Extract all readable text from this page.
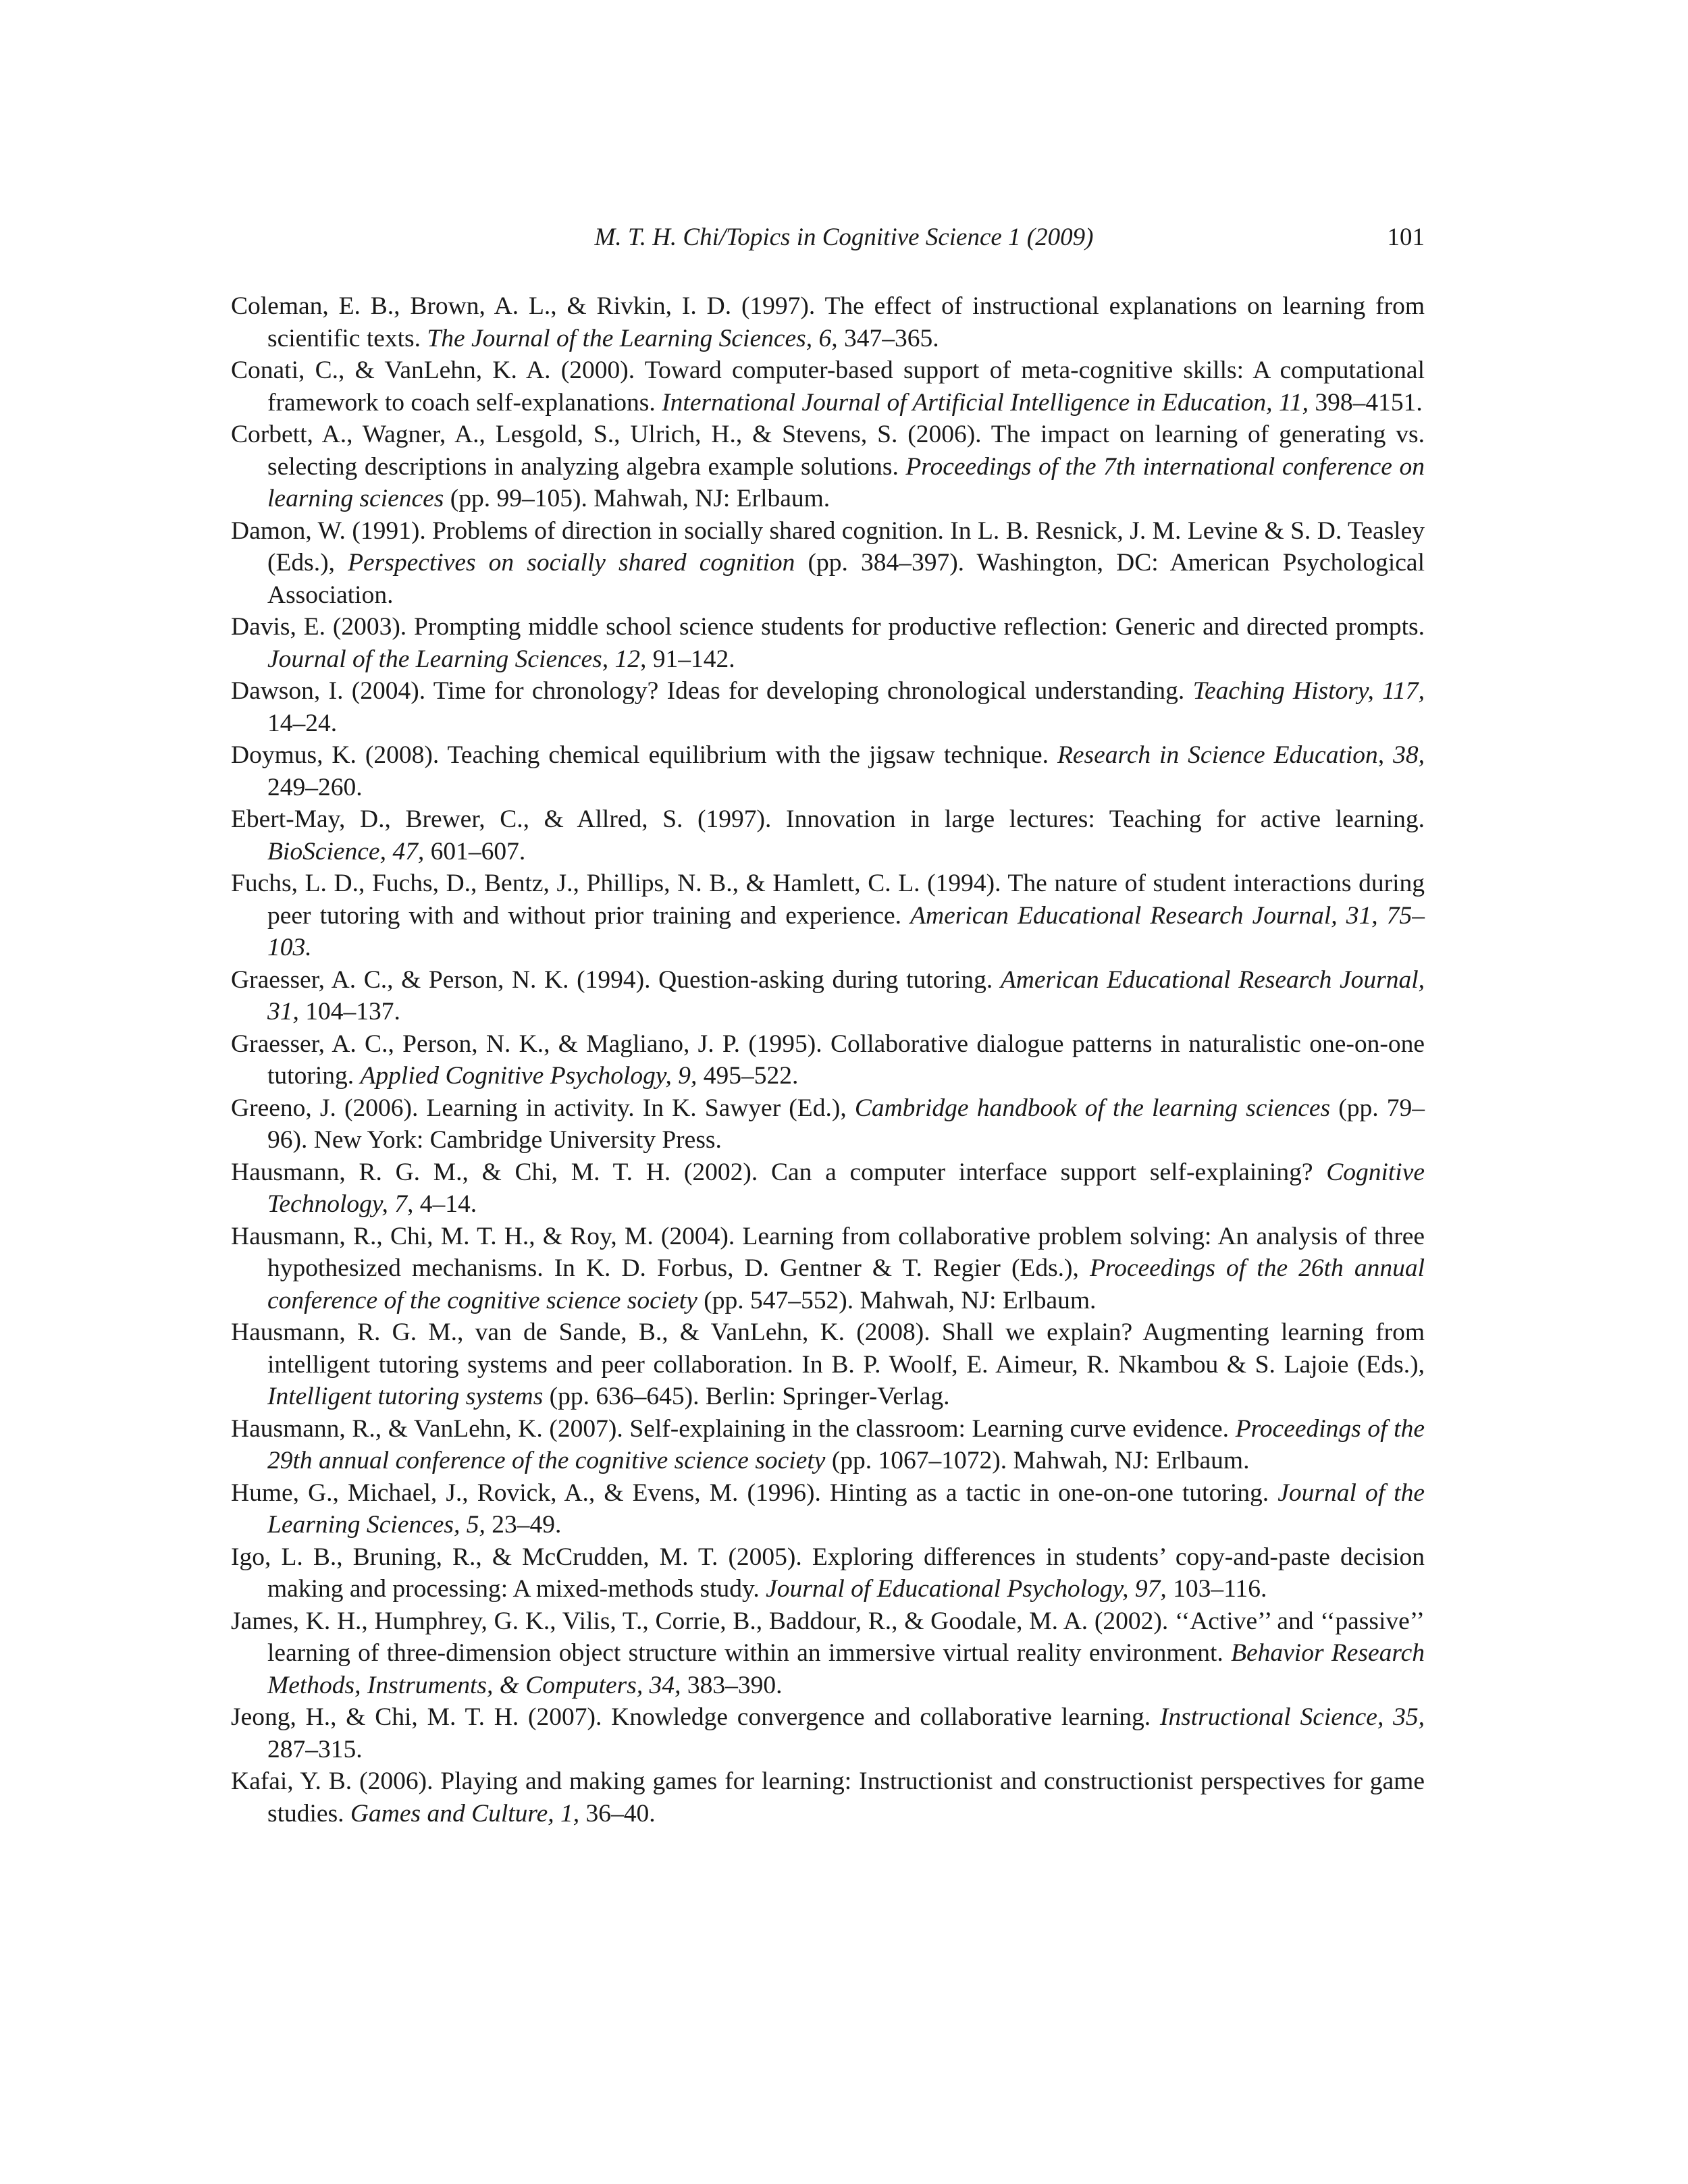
M. T. H. Chi/Topics in Cognitive Science 1 (2009)	101
Coleman, E. B., Brown, A. L., & Rivkin, I. D. (1997). The effect of instructional explanations on learning from scientific texts. The Journal of the Learning Sciences, 6, 347–365.
Conati, C., & VanLehn, K. A. (2000). Toward computer-based support of meta-cognitive skills: A computational framework to coach self-explanations. International Journal of Artificial Intelligence in Education, 11, 398–4151.
Corbett, A., Wagner, A., Lesgold, S., Ulrich, H., & Stevens, S. (2006). The impact on learning of generating vs. selecting descriptions in analyzing algebra example solutions. Proceedings of the 7th international conference on learning sciences (pp. 99–105). Mahwah, NJ: Erlbaum.
Damon, W. (1991). Problems of direction in socially shared cognition. In L. B. Resnick, J. M. Levine & S. D. Teasley (Eds.), Perspectives on socially shared cognition (pp. 384–397). Washington, DC: American Psychological Association.
Davis, E. (2003). Prompting middle school science students for productive reflection: Generic and directed prompts. Journal of the Learning Sciences, 12, 91–142.
Dawson, I. (2004). Time for chronology? Ideas for developing chronological understanding. Teaching History, 117, 14–24.
Doymus, K. (2008). Teaching chemical equilibrium with the jigsaw technique. Research in Science Education, 38, 249–260.
Ebert-May, D., Brewer, C., & Allred, S. (1997). Innovation in large lectures: Teaching for active learning. BioScience, 47, 601–607.
Fuchs, L. D., Fuchs, D., Bentz, J., Phillips, N. B., & Hamlett, C. L. (1994). The nature of student interactions during peer tutoring with and without prior training and experience. American Educational Research Journal, 31, 75–103.
Graesser, A. C., & Person, N. K. (1994). Question-asking during tutoring. American Educational Research Journal, 31, 104–137.
Graesser, A. C., Person, N. K., & Magliano, J. P. (1995). Collaborative dialogue patterns in naturalistic one-on-one tutoring. Applied Cognitive Psychology, 9, 495–522.
Greeno, J. (2006). Learning in activity. In K. Sawyer (Ed.), Cambridge handbook of the learning sciences (pp. 79–96). New York: Cambridge University Press.
Hausmann, R. G. M., & Chi, M. T. H. (2002). Can a computer interface support self-explaining? Cognitive Technology, 7, 4–14.
Hausmann, R., Chi, M. T. H., & Roy, M. (2004). Learning from collaborative problem solving: An analysis of three hypothesized mechanisms. In K. D. Forbus, D. Gentner & T. Regier (Eds.), Proceedings of the 26th annual conference of the cognitive science society (pp. 547–552). Mahwah, NJ: Erlbaum.
Hausmann, R. G. M., van de Sande, B., & VanLehn, K. (2008). Shall we explain? Augmenting learning from intelligent tutoring systems and peer collaboration. In B. P. Woolf, E. Aimeur, R. Nkambou & S. Lajoie (Eds.), Intelligent tutoring systems (pp. 636–645). Berlin: Springer-Verlag.
Hausmann, R., & VanLehn, K. (2007). Self-explaining in the classroom: Learning curve evidence. Proceedings of the 29th annual conference of the cognitive science society (pp. 1067–1072). Mahwah, NJ: Erlbaum.
Hume, G., Michael, J., Rovick, A., & Evens, M. (1996). Hinting as a tactic in one-on-one tutoring. Journal of the Learning Sciences, 5, 23–49.
Igo, L. B., Bruning, R., & McCrudden, M. T. (2005). Exploring differences in students’ copy-and-paste decision making and processing: A mixed-methods study. Journal of Educational Psychology, 97, 103–116.
James, K. H., Humphrey, G. K., Vilis, T., Corrie, B., Baddour, R., & Goodale, M. A. (2002). ‘‘Active’’ and ‘‘passive’’ learning of three-dimension object structure within an immersive virtual reality environment. Behavior Research Methods, Instruments, & Computers, 34, 383–390.
Jeong, H., & Chi, M. T. H. (2007). Knowledge convergence and collaborative learning. Instructional Science, 35, 287–315.
Kafai, Y. B. (2006). Playing and making games for learning: Instructionist and constructionist perspectives for game studies. Games and Culture, 1, 36–40.
